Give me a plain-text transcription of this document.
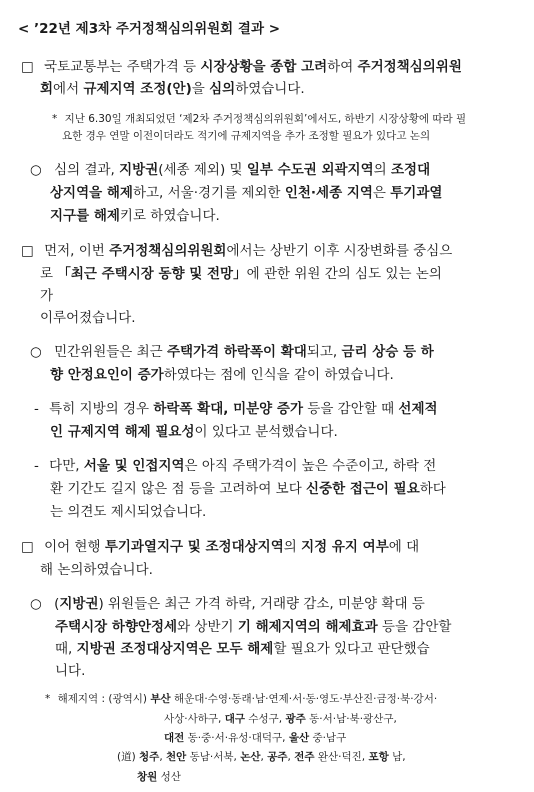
< ’22년 제3차 주거정책심의위원회 결과 >
□ 국토교통부는 주택가격 등 시장상황을 종합 고려하여 주거정책심의위원
회에서 규제지역 조정(안)을 심의하였습니다.
* 지난 6.30일 개최되었던 ‘제2차 주거정책심의위원회’에서도, 하반기 시장상황에 따라 필
요한 경우 연말 이전이더라도 적기에 규제지역을 추가 조정할 필요가 있다고 논의
○ 심의 결과, 지방권(세종 제외) 및 일부 수도권 외곽지역의 조정대
상지역을 해제하고, 서울·경기를 제외한 인천·세종 지역은 투기과열
지구를 해제키로 하였습니다.
□ 먼저, 이번 주거정책심의위원회에서는 상반기 이후 시장변화를 중심으
로 「최근 주택시장 동향 및 전망」에 관한 위원 간의 심도 있는 논의
가
이루어졌습니다.
○ 민간위원들은 최근 주택가격 하락폭이 확대되고, 금리 상승 등 하
향 안정요인이 증가하였다는 점에 인식을 같이 하였습니다.
- 특히 지방의 경우 하락폭 확대, 미분양 증가 등을 감안할 때 선제적
인 규제지역 해제 필요성이 있다고 분석했습니다.
- 다만, 서울 및 인접지역은 아직 주택가격이 높은 수준이고, 하락 전
환 기간도 길지 않은 점 등을 고려하여 보다 신중한 접근이 필요하다
는 의견도 제시되었습니다.
□ 이어 현행 투기과열지구 및 조정대상지역의 지정 유지 여부에 대
해 논의하였습니다.
○ (지방권) 위원들은 최근 가격 하락, 거래량 감소, 미분양 확대 등
주택시장 하향안정세와 상반기 기 해제지역의 해제효과 등을 감안할
때, 지방권 조정대상지역은 모두 해제할 필요가 있다고 판단했습
니다.
* 해제지역 : (광역시) 부산 해운대·수영·동래·남·연제·서·동·영도·부산진·금정·북·강서·
사상·사하구, 대구 수성구, 광주 동·서·남·북·광산구,
대전 동·중·서·유성·대덕구, 울산 중·남구
(道) 청주, 천안 동남·서북, 논산, 공주, 전주 완산·덕진, 포항 남,
창원 성산
